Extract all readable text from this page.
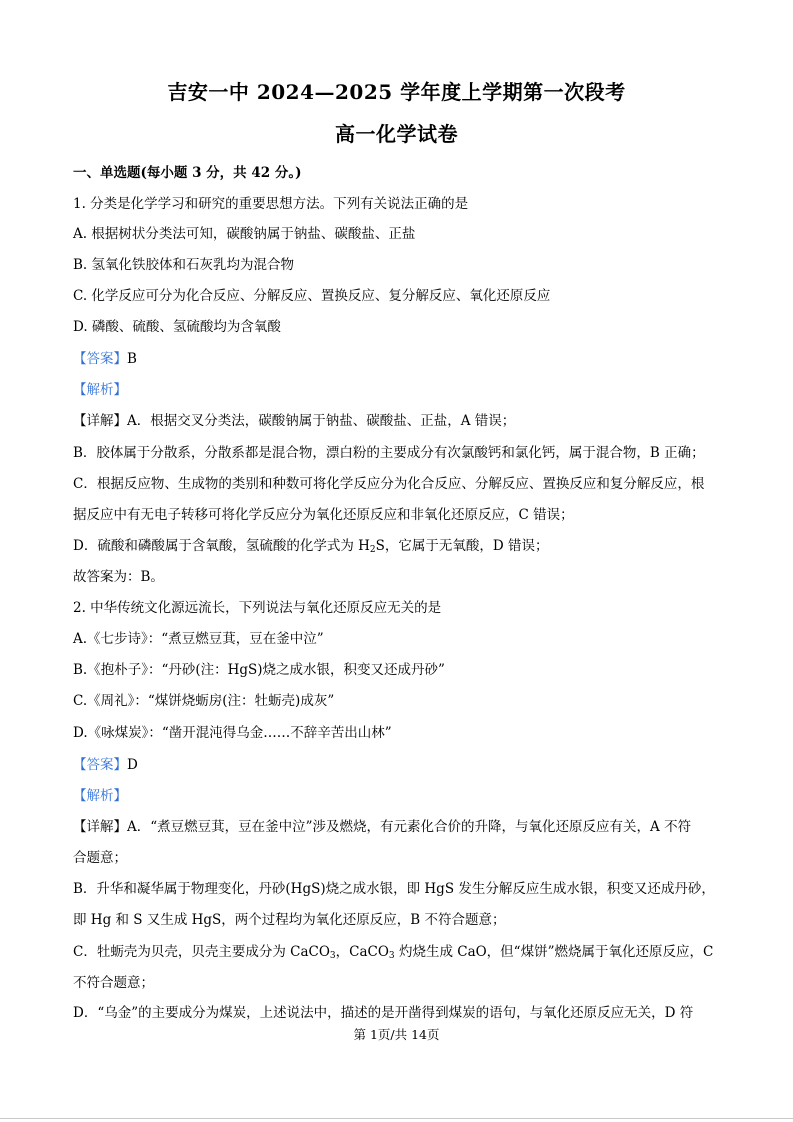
吉安一中 2024—2025 学年度上学期第一次段考
高一化学试卷
一、单选题(每小题 3 分，共 42 分。)
1. 分类是化学学习和研究的重要思想方法。下列有关说法正确的是
A. 根据树状分类法可知，碳酸钠属于钠盐、碳酸盐、正盐
B. 氢氧化铁胶体和石灰乳均为混合物
C. 化学反应可分为化合反应、分解反应、置换反应、复分解反应、氧化还原反应
D. 磷酸、硫酸、氢硫酸均为含氧酸
【答案】B
【解析】
【详解】A．根据交叉分类法，碳酸钠属于钠盐、碳酸盐、正盐，A 错误；
B．胶体属于分散系，分散系都是混合物，漂白粉的主要成分有次氯酸钙和氯化钙，属于混合物，B 正确；
C．根据反应物、生成物的类别和种数可将化学反应分为化合反应、分解反应、置换反应和复分解反应，根
据反应中有无电子转移可将化学反应分为氧化还原反应和非氧化还原反应，C 错误；
D．硫酸和磷酸属于含氧酸，氢硫酸的化学式为 $H_2S$，它属于无氧酸，D 错误；
故答案为：B。
2. 中华传统文化源远流长，下列说法与氧化还原反应无关的是
A.《七步诗》：“煮豆燃豆萁，豆在釜中泣”
B.《抱朴子》：“丹砂(注：HgS)烧之成水银，积变又还成丹砂”
C.《周礼》：“煤饼烧蛎房(注：牡蛎壳)成灰”
D.《咏煤炭》：“凿开混沌得乌金……不辞辛苦出山林”
【答案】D
【解析】
【详解】A．“煮豆燃豆萁，豆在釜中泣”涉及燃烧，有元素化合价的升降，与氧化还原反应有关，A 不符
合题意；
B．升华和凝华属于物理变化，丹砂(HgS)烧之成水银，即 HgS 发生分解反应生成水银，积变又还成丹砂，
即 Hg 和 S 又生成 HgS，两个过程均为氧化还原反应，B 不符合题意；
C．牡蛎壳为贝壳，贝壳主要成分为 CaCO$_3$，CaCO$_3$ 灼烧生成 CaO，但“煤饼”燃烧属于氧化还原反应，C
不符合题意；
D．“乌金”的主要成分为煤炭，上述说法中，描述的是开凿得到煤炭的语句，与氧化还原反应无关，D 符
第 1页/共 14页
